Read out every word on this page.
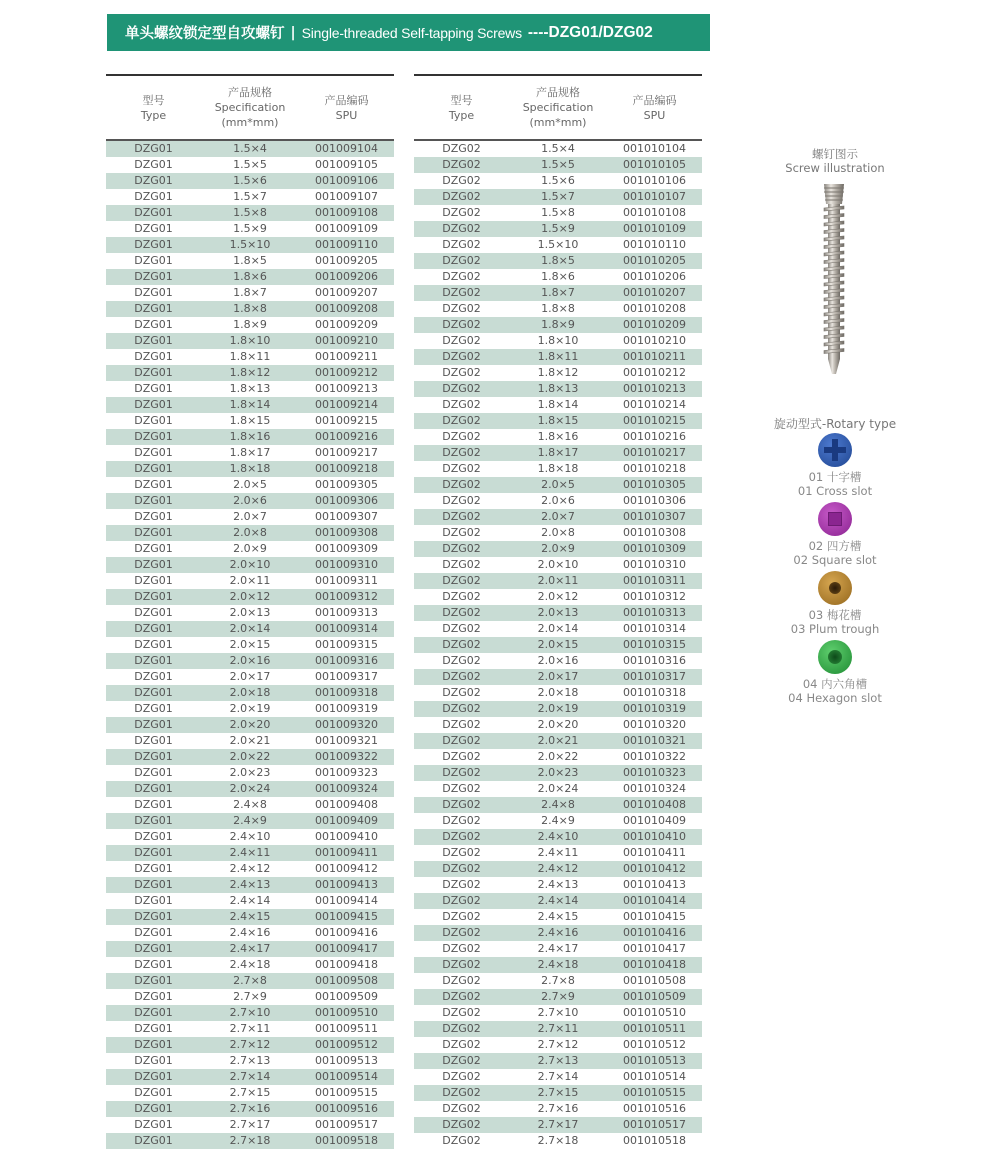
单头螺纹锁定型自攻螺钉 | Single-threaded Self-tapping Screws ----DZG01/DZG02
型号
Type
产品规格
Specification
(mm*mm)
产品编码
SPU
DZG01	1.5×4	001009104
DZG01	1.5×5	001009105
DZG01	1.5×6	001009106
DZG01	1.5×7	001009107
DZG01	1.5×8	001009108
DZG01	1.5×9	001009109
DZG01	1.5×10	001009110
DZG01	1.8×5	001009205
DZG01	1.8×6	001009206
DZG01	1.8×7	001009207
DZG01	1.8×8	001009208
DZG01	1.8×9	001009209
DZG01	1.8×10	001009210
DZG01	1.8×11	001009211
DZG01	1.8×12	001009212
DZG01	1.8×13	001009213
DZG01	1.8×14	001009214
DZG01	1.8×15	001009215
DZG01	1.8×16	001009216
DZG01	1.8×17	001009217
DZG01	1.8×18	001009218
DZG01	2.0×5	001009305
DZG01	2.0×6	001009306
DZG01	2.0×7	001009307
DZG01	2.0×8	001009308
DZG01	2.0×9	001009309
DZG01	2.0×10	001009310
DZG01	2.0×11	001009311
DZG01	2.0×12	001009312
DZG01	2.0×13	001009313
DZG01	2.0×14	001009314
DZG01	2.0×15	001009315
DZG01	2.0×16	001009316
DZG01	2.0×17	001009317
DZG01	2.0×18	001009318
DZG01	2.0×19	001009319
DZG01	2.0×20	001009320
DZG01	2.0×21	001009321
DZG01	2.0×22	001009322
DZG01	2.0×23	001009323
DZG01	2.0×24	001009324
DZG01	2.4×8	001009408
DZG01	2.4×9	001009409
DZG01	2.4×10	001009410
DZG01	2.4×11	001009411
DZG01	2.4×12	001009412
DZG01	2.4×13	001009413
DZG01	2.4×14	001009414
DZG01	2.4×15	001009415
DZG01	2.4×16	001009416
DZG01	2.4×17	001009417
DZG01	2.4×18	001009418
DZG01	2.7×8	001009508
DZG01	2.7×9	001009509
DZG01	2.7×10	001009510
DZG01	2.7×11	001009511
DZG01	2.7×12	001009512
DZG01	2.7×13	001009513
DZG01	2.7×14	001009514
DZG01	2.7×15	001009515
DZG01	2.7×16	001009516
DZG01	2.7×17	001009517
DZG01	2.7×18	001009518
型号
Type
产品规格
Specification
(mm*mm)
产品编码
SPU
DZG02	1.5×4	001010104
DZG02	1.5×5	001010105
DZG02	1.5×6	001010106
DZG02	1.5×7	001010107
DZG02	1.5×8	001010108
DZG02	1.5×9	001010109
DZG02	1.5×10	001010110
DZG02	1.8×5	001010205
DZG02	1.8×6	001010206
DZG02	1.8×7	001010207
DZG02	1.8×8	001010208
DZG02	1.8×9	001010209
DZG02	1.8×10	001010210
DZG02	1.8×11	001010211
DZG02	1.8×12	001010212
DZG02	1.8×13	001010213
DZG02	1.8×14	001010214
DZG02	1.8×15	001010215
DZG02	1.8×16	001010216
DZG02	1.8×17	001010217
DZG02	1.8×18	001010218
DZG02	2.0×5	001010305
DZG02	2.0×6	001010306
DZG02	2.0×7	001010307
DZG02	2.0×8	001010308
DZG02	2.0×9	001010309
DZG02	2.0×10	001010310
DZG02	2.0×11	001010311
DZG02	2.0×12	001010312
DZG02	2.0×13	001010313
DZG02	2.0×14	001010314
DZG02	2.0×15	001010315
DZG02	2.0×16	001010316
DZG02	2.0×17	001010317
DZG02	2.0×18	001010318
DZG02	2.0×19	001010319
DZG02	2.0×20	001010320
DZG02	2.0×21	001010321
DZG02	2.0×22	001010322
DZG02	2.0×23	001010323
DZG02	2.0×24	001010324
DZG02	2.4×8	001010408
DZG02	2.4×9	001010409
DZG02	2.4×10	001010410
DZG02	2.4×11	001010411
DZG02	2.4×12	001010412
DZG02	2.4×13	001010413
DZG02	2.4×14	001010414
DZG02	2.4×15	001010415
DZG02	2.4×16	001010416
DZG02	2.4×17	001010417
DZG02	2.4×18	001010418
DZG02	2.7×8	001010508
DZG02	2.7×9	001010509
DZG02	2.7×10	001010510
DZG02	2.7×11	001010511
DZG02	2.7×12	001010512
DZG02	2.7×13	001010513
DZG02	2.7×14	001010514
DZG02	2.7×15	001010515
DZG02	2.7×16	001010516
DZG02	2.7×17	001010517
DZG02	2.7×18	001010518
螺钉图示
Screw illustration
旋动型式-Rotary type
01 十字槽
01 Cross slot
02 四方槽
02 Square slot
03 梅花槽
03 Plum trough
04 内六角槽
04 Hexagon slot
